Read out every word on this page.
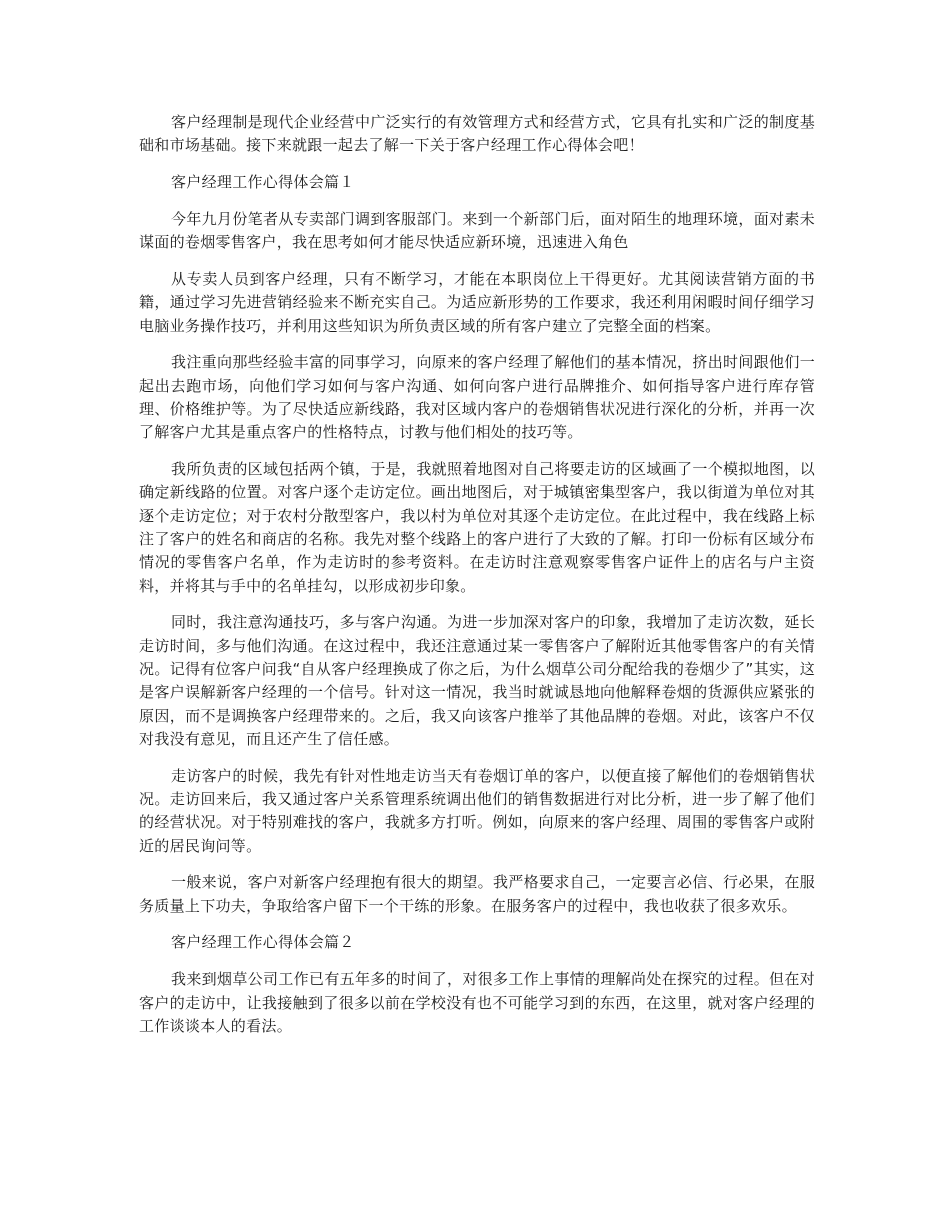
客户经理制是现代企业经营中广泛实行的有效管理方式和经营方式，它具有扎实和广泛的制度基础和市场基础。接下来就跟一起去了解一下关于客户经理工作心得体会吧！

客户经理工作心得体会篇１

今年九月份笔者从专卖部门调到客服部门。来到一个新部门后，面对陌生的地理环境，面对素未谋面的卷烟零售客户，我在思考如何才能尽快适应新环境，迅速进入角色

从专卖人员到客户经理，只有不断学习，才能在本职岗位上干得更好。尤其阅读营销方面的书籍，通过学习先进营销经验来不断充实自己。为适应新形势的工作要求，我还利用闲暇时间仔细学习电脑业务操作技巧，并利用这些知识为所负责区域的所有客户建立了完整全面的档案。

我注重向那些经验丰富的同事学习，向原来的客户经理了解他们的基本情况，挤出时间跟他们一起出去跑市场，向他们学习如何与客户沟通、如何向客户进行品牌推介、如何指导客户进行库存管理、价格维护等。为了尽快适应新线路，我对区域内客户的卷烟销售状况进行深化的分析，并再一次了解客户尤其是重点客户的性格特点，讨教与他们相处的技巧等。

我所负责的区域包括两个镇，于是，我就照着地图对自己将要走访的区域画了一个模拟地图，以确定新线路的位置。对客户逐个走访定位。画出地图后，对于城镇密集型客户，我以街道为单位对其逐个走访定位；对于农村分散型客户，我以村为单位对其逐个走访定位。在此过程中，我在线路上标注了客户的姓名和商店的名称。我先对整个线路上的客户进行了大致的了解。打印一份标有区域分布情况的零售客户名单，作为走访时的参考资料。在走访时注意观察零售客户证件上的店名与户主资料，并将其与手中的名单挂勾，以形成初步印象。

同时，我注意沟通技巧，多与客户沟通。为进一步加深对客户的印象，我增加了走访次数，延长走访时间，多与他们沟通。在这过程中，我还注意通过某一零售客户了解附近其他零售客户的有关情况。记得有位客户问我“自从客户经理换成了你之后，为什么烟草公司分配给我的卷烟少了”其实，这是客户误解新客户经理的一个信号。针对这一情况，我当时就诚恳地向他解释卷烟的货源供应紧张的原因，而不是调换客户经理带来的。之后，我又向该客户推举了其他品牌的卷烟。对此，该客户不仅对我没有意见，而且还产生了信任感。

走访客户的时候，我先有针对性地走访当天有卷烟订单的客户，以便直接了解他们的卷烟销售状况。走访回来后，我又通过客户关系管理系统调出他们的销售数据进行对比分析，进一步了解了他们的经营状况。对于特别难找的客户，我就多方打听。例如，向原来的客户经理、周围的零售客户或附近的居民询问等。

一般来说，客户对新客户经理抱有很大的期望。我严格要求自己，一定要言必信、行必果，在服务质量上下功夫，争取给客户留下一个干练的形象。在服务客户的过程中，我也收获了很多欢乐。

客户经理工作心得体会篇２

我来到烟草公司工作已有五年多的时间了，对很多工作上事情的理解尚处在探究的过程。但在对客户的走访中，让我接触到了很多以前在学校没有也不可能学习到的东西，在这里，就对客户经理的工作谈谈本人的看法。
